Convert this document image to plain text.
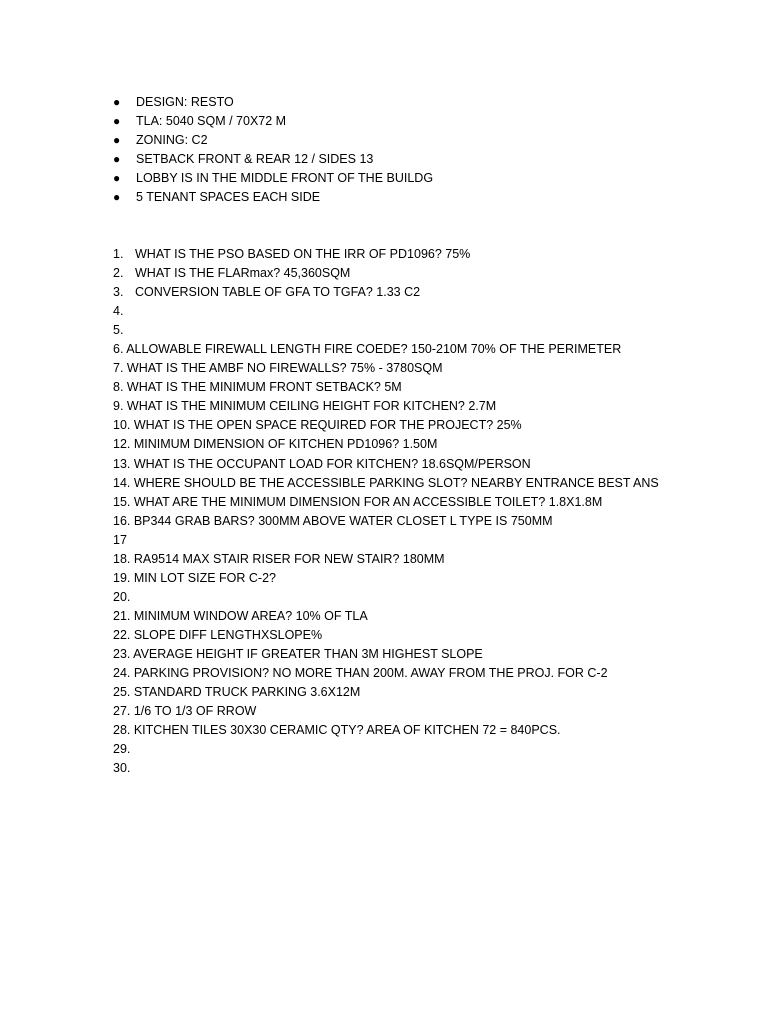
● DESIGN: RESTO
● TLA: 5040 SQM / 70X72 M
● ZONING: C2
● SETBACK FRONT & REAR 12 / SIDES 13
● LOBBY IS IN THE MIDDLE FRONT OF THE BUILDG
● 5 TENANT SPACES EACH SIDE
1. WHAT IS THE PSO BASED ON THE IRR OF PD1096? 75%
2. WHAT IS THE FLARmax? 45,360SQM
3. CONVERSION TABLE OF GFA TO TGFA? 1.33 C2
4.
5.
6. ALLOWABLE FIREWALL LENGTH FIRE COEDE? 150-210M 70% OF THE PERIMETER
7. WHAT IS THE AMBF NO FIREWALLS? 75% - 3780SQM
8. WHAT IS THE MINIMUM FRONT SETBACK? 5M
9. WHAT IS THE MINIMUM CEILING HEIGHT FOR KITCHEN? 2.7M
10. WHAT IS THE OPEN SPACE REQUIRED FOR THE PROJECT? 25%
12. MINIMUM DIMENSION OF KITCHEN PD1096? 1.50M
13. WHAT IS THE OCCUPANT LOAD FOR KITCHEN? 18.6SQM/PERSON
14. WHERE SHOULD BE THE ACCESSIBLE PARKING SLOT? NEARBY ENTRANCE BEST ANS
15. WHAT ARE THE MINIMUM DIMENSION FOR AN ACCESSIBLE TOILET? 1.8X1.8M
16. BP344 GRAB BARS? 300MM ABOVE WATER CLOSET L TYPE IS 750MM
17
18. RA9514 MAX STAIR RISER FOR NEW STAIR? 180MM
19. MIN LOT SIZE FOR C-2?
20.
21. MINIMUM WINDOW AREA? 10% OF TLA
22. SLOPE DIFF LENGTHXSLOPE%
23. AVERAGE HEIGHT IF GREATER THAN 3M HIGHEST SLOPE
24. PARKING PROVISION? NO MORE THAN 200M. AWAY FROM THE PROJ. FOR C-2
25. STANDARD TRUCK PARKING 3.6X12M
27. 1/6 TO 1/3 OF RROW
28. KITCHEN TILES 30X30 CERAMIC QTY? AREA OF KITCHEN 72 = 840PCS.
29.
30.
